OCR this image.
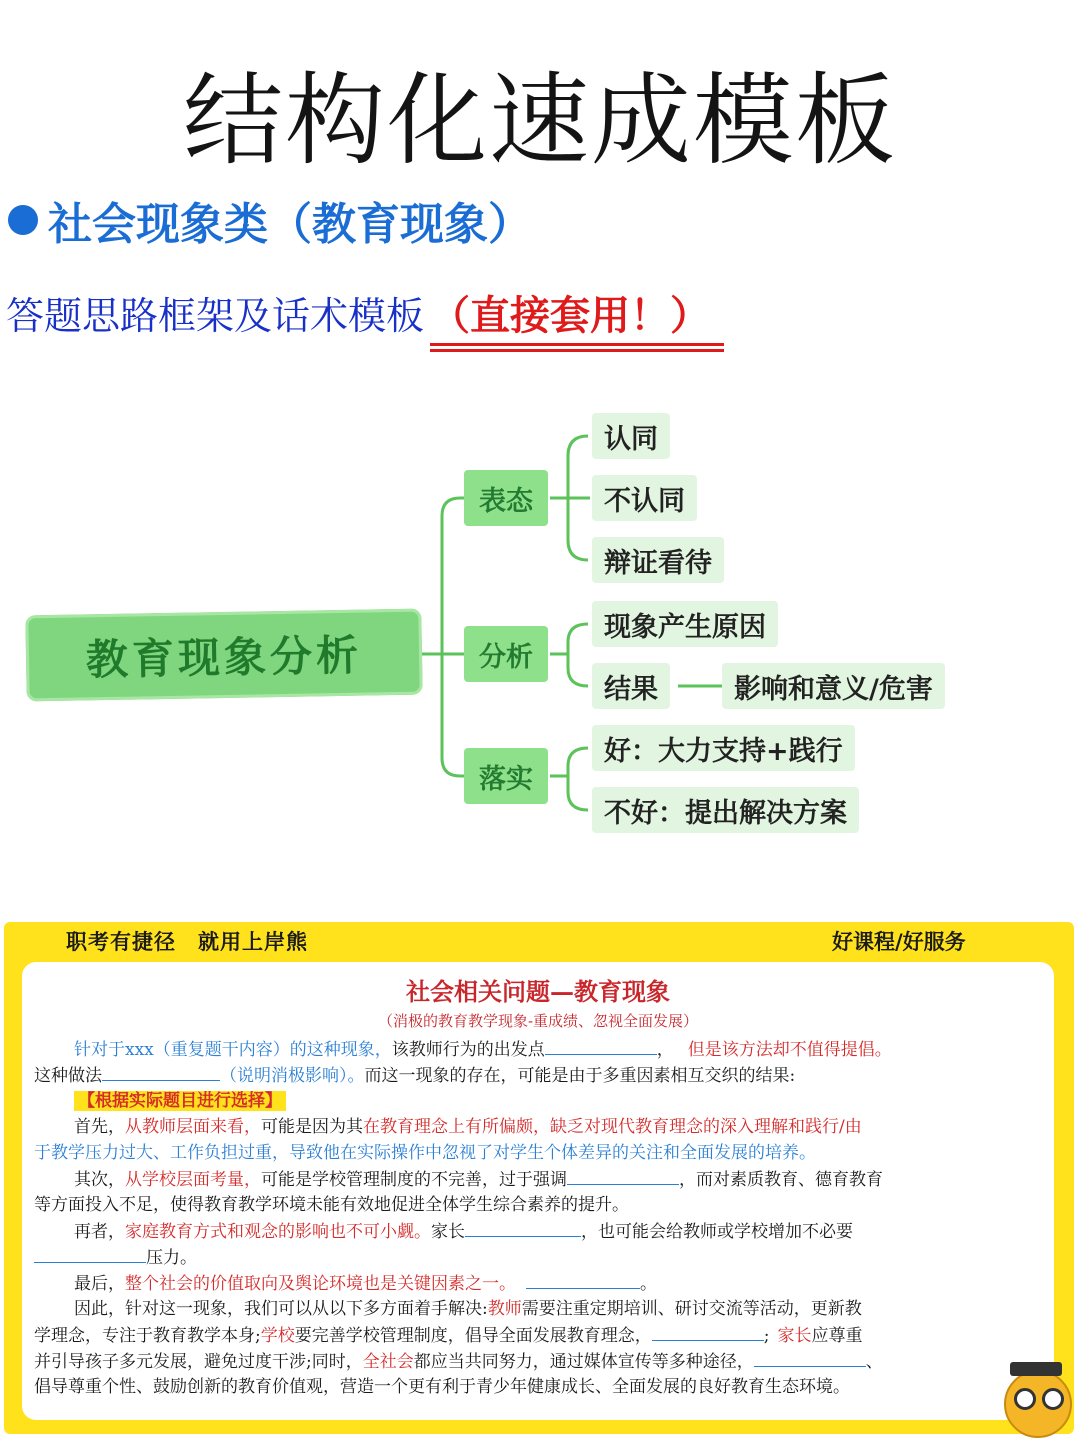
结构化速成模板
社会现象类（教育现象）
答题思路框架及话术模板 （直接套用！）
教育现象分析
表态
分析
落实
认同
不认同
辩证看待
现象产生原因
结果	影响和意义/危害
好：大力支持+践行
不好：提出解决方案
职考有捷径　就用上岸熊	好课程/好服务
社会相关问题—教育现象
（消极的教育教学现象-重成绩、忽视全面发展）
针对于xxx（重复题干内容）的这种现象，该教师行为的出发点	， 但是该方法却不值得提倡。
这种做法	（说明消极影响）。而这一现象的存在，可能是由于多重因素相互交织的结果:
【根据实际题目进行选择】
首先，从教师层面来看，可能是因为其在教育理念上有所偏颇，缺乏对现代教育理念的深入理解和践行/由
于教学压力过大、工作负担过重，导致他在实际操作中忽视了对学生个体差异的关注和全面发展的培养。
其次，从学校层面考量，可能是学校管理制度的不完善，过于强调	，而对素质教育、德育教育
等方面投入不足，使得教育教学环境未能有效地促进全体学生综合素养的提升。
再者，家庭教育方式和观念的影响也不可小觑。家长	，也可能会给教师或学校增加不必要
压力。
最后，整个社会的价值取向及舆论环境也是关键因素之一。	。
因此，针对这一现象，我们可以从以下多方面着手解决:教师需要注重定期培训、研讨交流等活动，更新教
学理念，专注于教育教学本身;学校要完善学校管理制度，倡导全面发展教育理念，	; 家长应尊重
并引导孩子多元发展，避免过度干涉;同时，全社会都应当共同努力，通过媒体宣传等多种途径，	、
倡导尊重个性、鼓励创新的教育价值观，营造一个更有利于青少年健康成长、全面发展的良好教育生态环境。
